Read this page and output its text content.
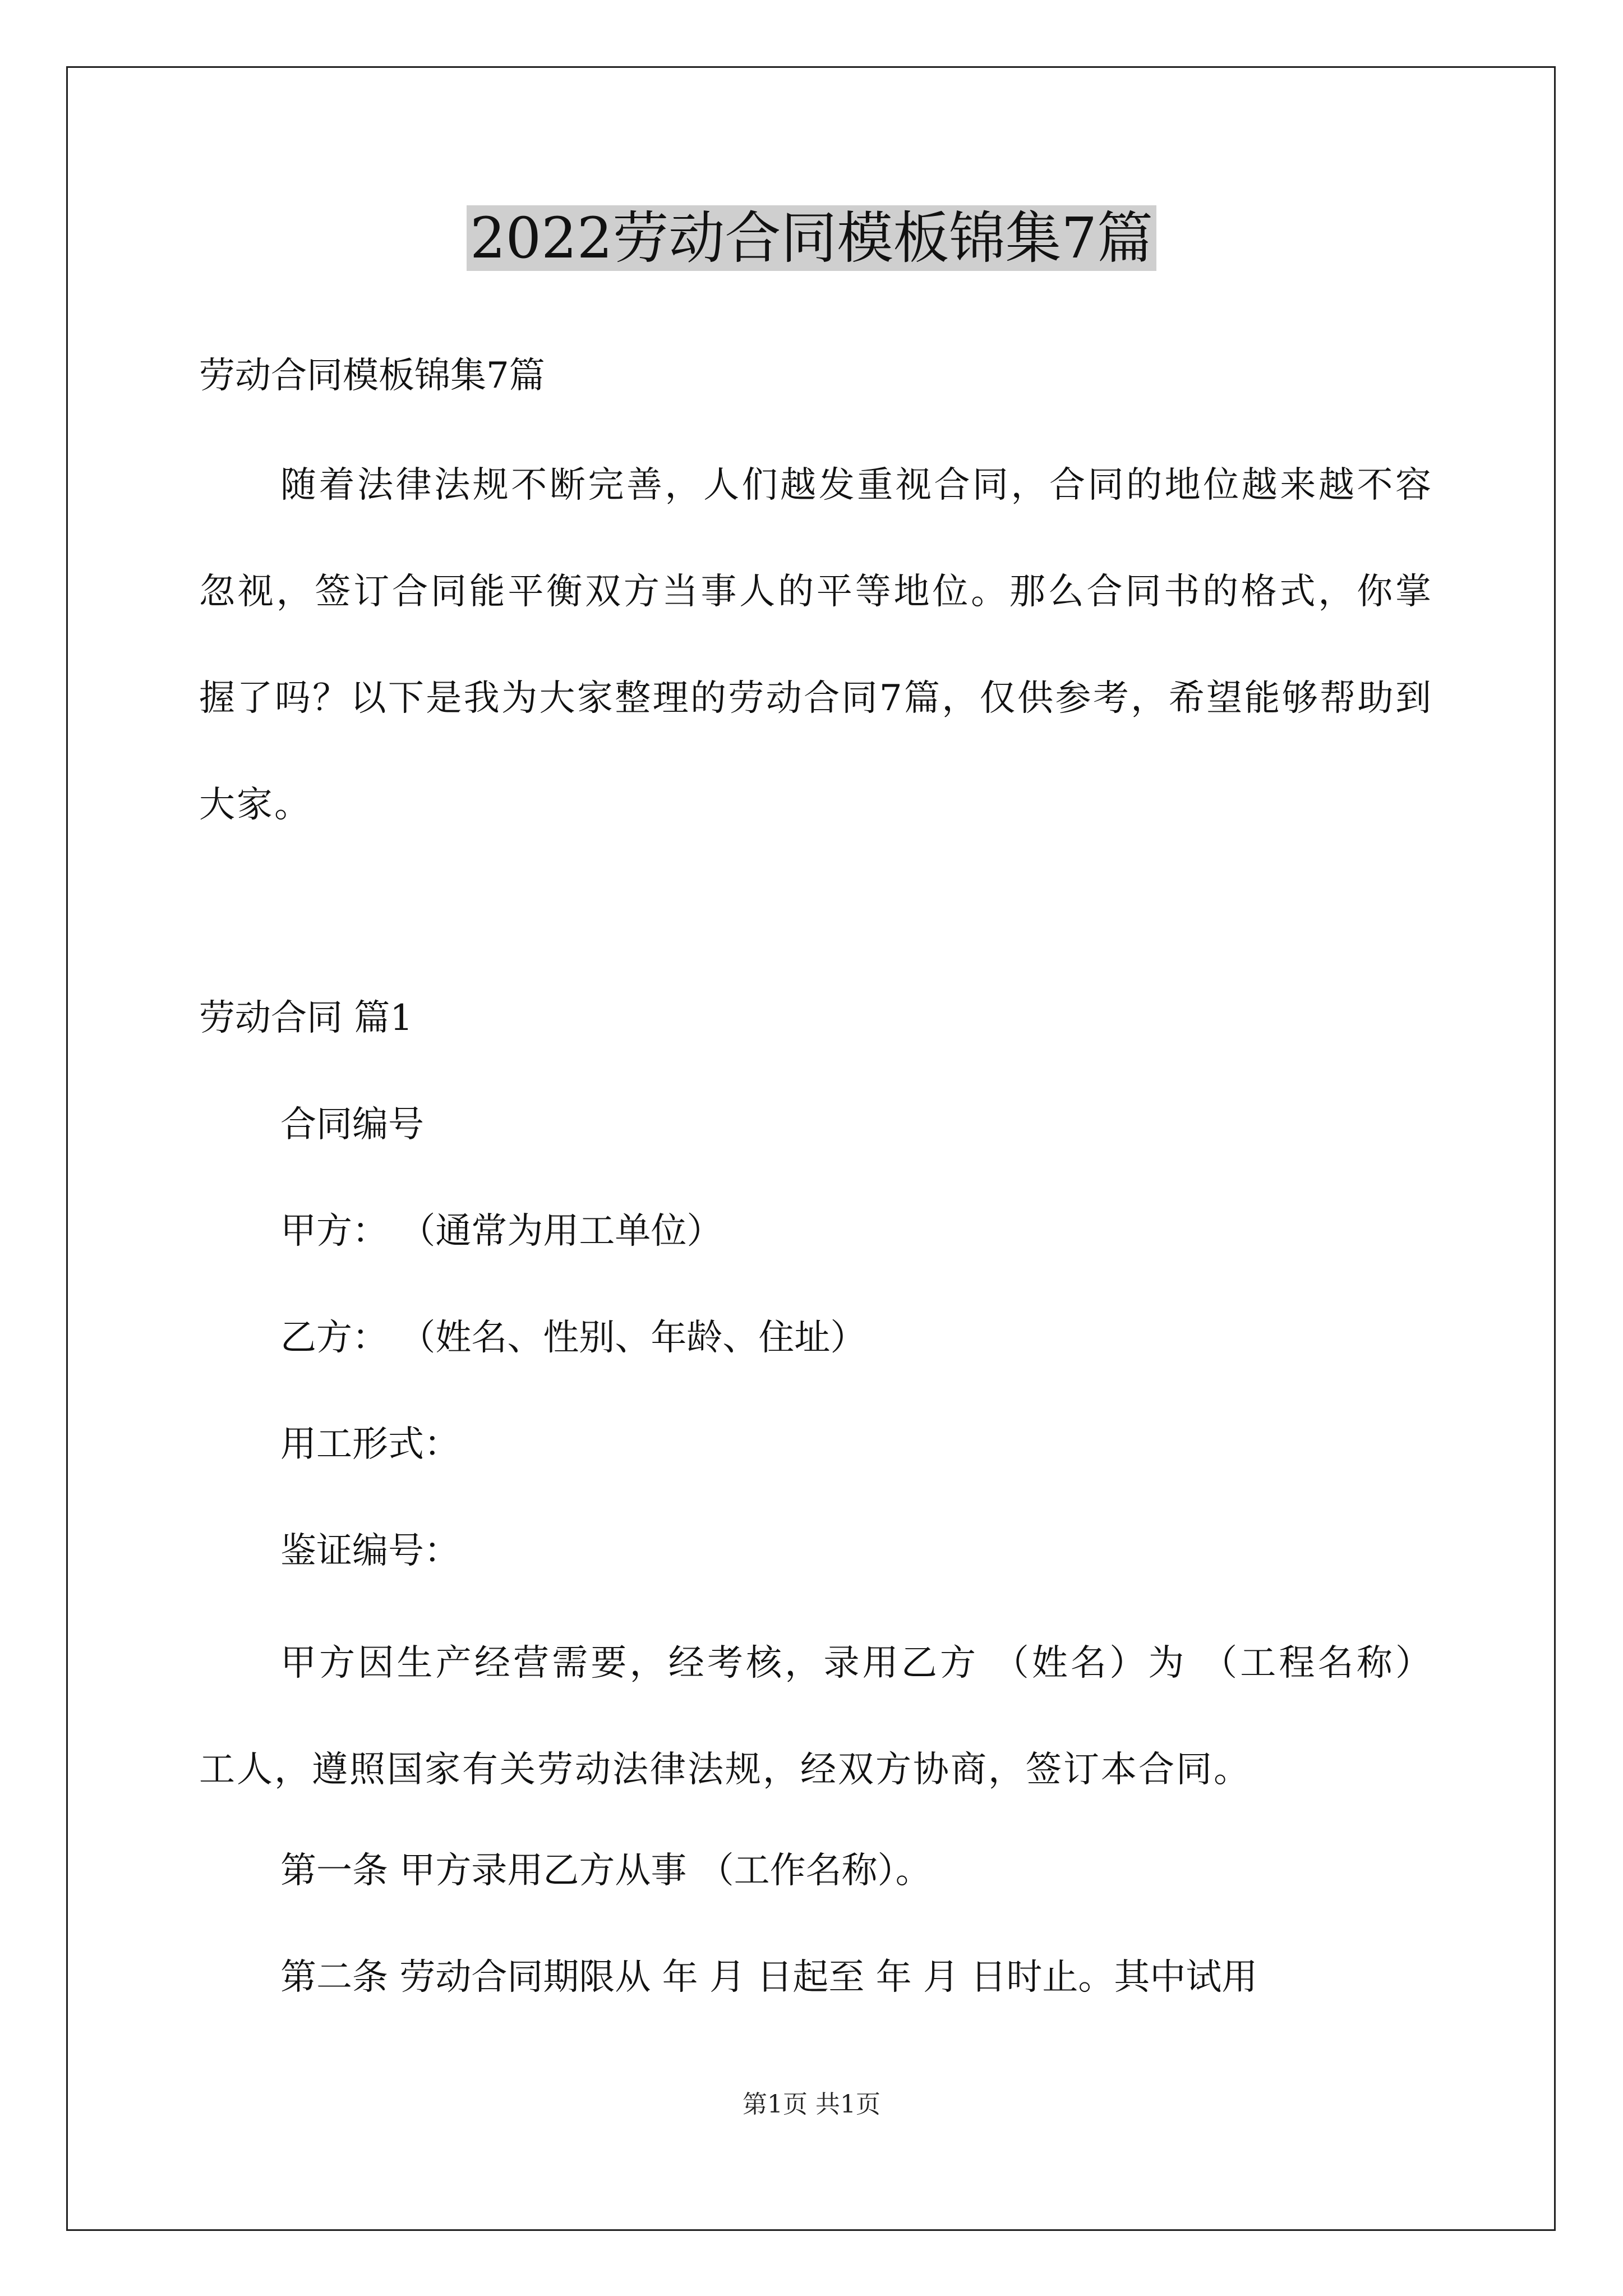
2022劳动合同模板锦集7篇
劳动合同模板锦集7篇
随着法律法规不断完善，人们越发重视合同，合同的地位越来越不容忽视，签订合同能平衡双方当事人的平等地位。那么合同书的格式，你掌握了吗？以下是我为大家整理的劳动合同7篇，仅供参考，希望能够帮助到大家。
劳动合同 篇1
合同编号
甲方： （通常为用工单位）
乙方： （姓名、性别、年龄、住址）
用工形式：
鉴证编号：
甲方因生产经营需要，经考核，录用乙方 （姓名）为 （工程名称）工人，遵照国家有关劳动法律法规，经双方协商，签订本合同。
第一条 甲方录用乙方从事 （工作名称）。
第二条 劳动合同期限从 年 月 日起至 年 月 日时止。其中试用
第1页 共1页
